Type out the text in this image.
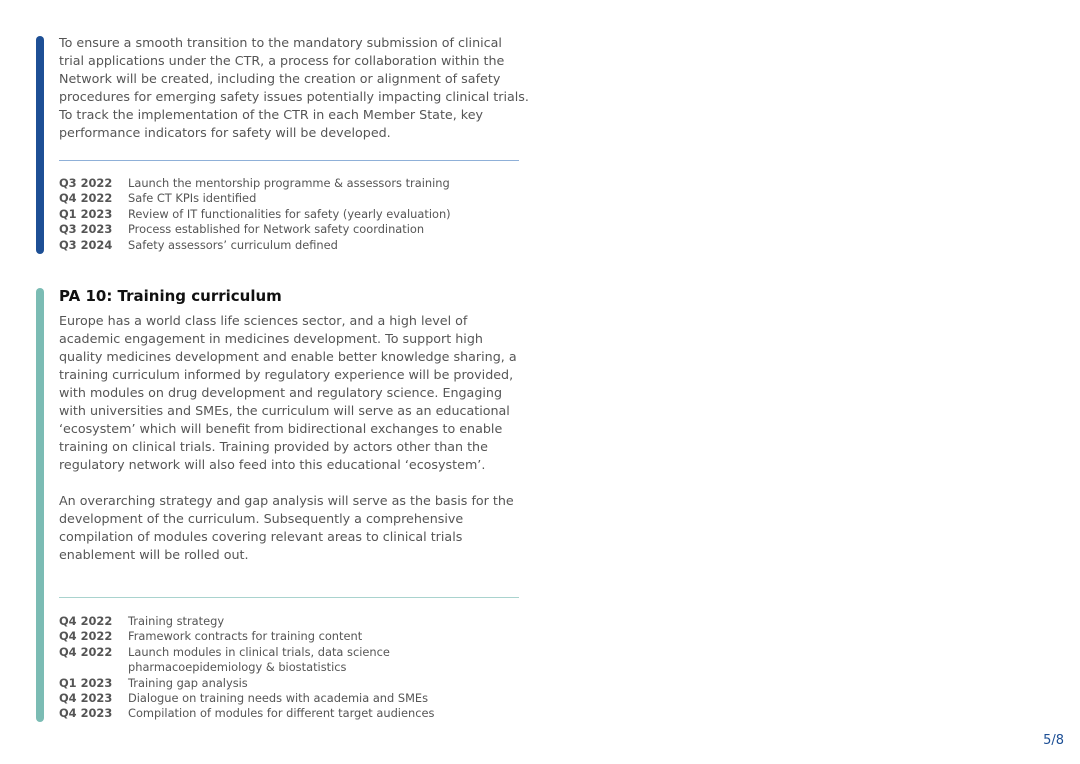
To ensure a smooth transition to the mandatory submission of clinical trial applications under the CTR, a process for collaboration within the Network will be created, including the creation or alignment of safety procedures for emerging safety issues potentially impacting clinical trials. To track the implementation of the CTR in each Member State, key performance indicators for safety will be developed.

Q3 2022	Launch the mentorship programme & assessors training
Q4 2022	Safe CT KPIs identified
Q1 2023	Review of IT functionalities for safety (yearly evaluation)
Q3 2023	Process established for Network safety coordination
Q3 2024	Safety assessors’ curriculum defined
PA 10: Training curriculum

Europe has a world class life sciences sector, and a high level of academic engagement in medicines development. To support high quality medicines development and enable better knowledge sharing, a training curriculum informed by regulatory experience will be provided, with modules on drug development and regulatory science. Engaging with universities and SMEs, the curriculum will serve as an educational ‘ecosystem’ which will benefit from bidirectional exchanges to enable training on clinical trials. Training provided by actors other than the regulatory network will also feed into this educational ‘ecosystem’.

An overarching strategy and gap analysis will serve as the basis for the development of the curriculum. Subsequently a comprehensive compilation of modules covering relevant areas to clinical trials enablement will be rolled out.

Q4 2022	Training strategy
Q4 2022	Framework contracts for training content
Q4 2022	Launch modules in clinical trials, data science
pharmacoepidemiology & biostatistics
Q1 2023	Training gap analysis
Q4 2023	Dialogue on training needs with academia and SMEs
Q4 2023	Compilation of modules for different target audiences
5/8
